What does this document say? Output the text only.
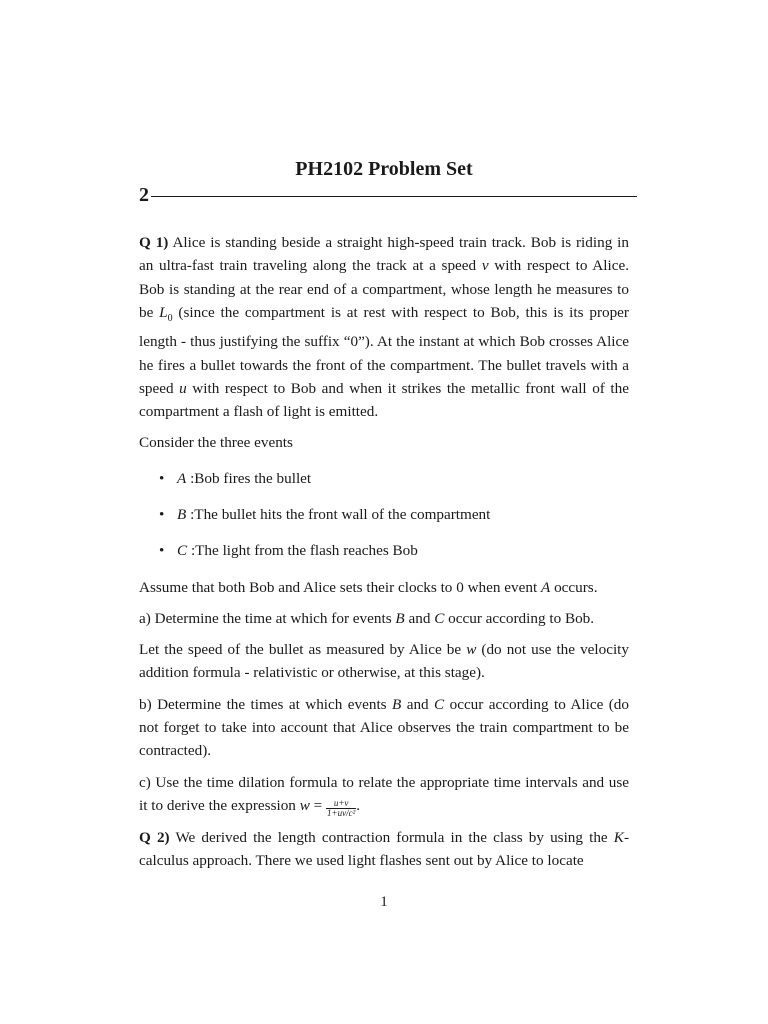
PH2102 Problem Set
2

Q 1) Alice is standing beside a straight high-speed train track. Bob is riding in an ultra-fast train traveling along the track at a speed v with respect to Alice. Bob is standing at the rear end of a compartment, whose length he measures to be $L_0$ (since the compartment is at rest with respect to Bob, this is its proper length - thus justifying the suffix “0”). At the instant at which Bob crosses Alice he fires a bullet towards the front of the compartment. The bullet travels with a speed u with respect to Bob and when it strikes the metallic front wall of the compartment a flash of light is emitted.

Consider the three events

• A :Bob fires the bullet
• B :The bullet hits the front wall of the compartment
• C :The light from the flash reaches Bob

Assume that both Bob and Alice sets their clocks to 0 when event A occurs.

a) Determine the time at which for events B and C occur according to Bob.

Let the speed of the bullet as measured by Alice be w (do not use the velocity addition formula - relativistic or otherwise, at this stage).

b) Determine the times at which events B and C occur according to Alice (do not forget to take into account that Alice observes the train compartment to be contracted).

c) Use the time dilation formula to relate the appropriate time intervals and use it to derive the expression $w = \frac{u+v}{\text{1+uv/c²}}$ .

Q 2) We derived the length contraction formula in the class by using the K-calculus approach. There we used light flashes sent out by Alice to locate

1
